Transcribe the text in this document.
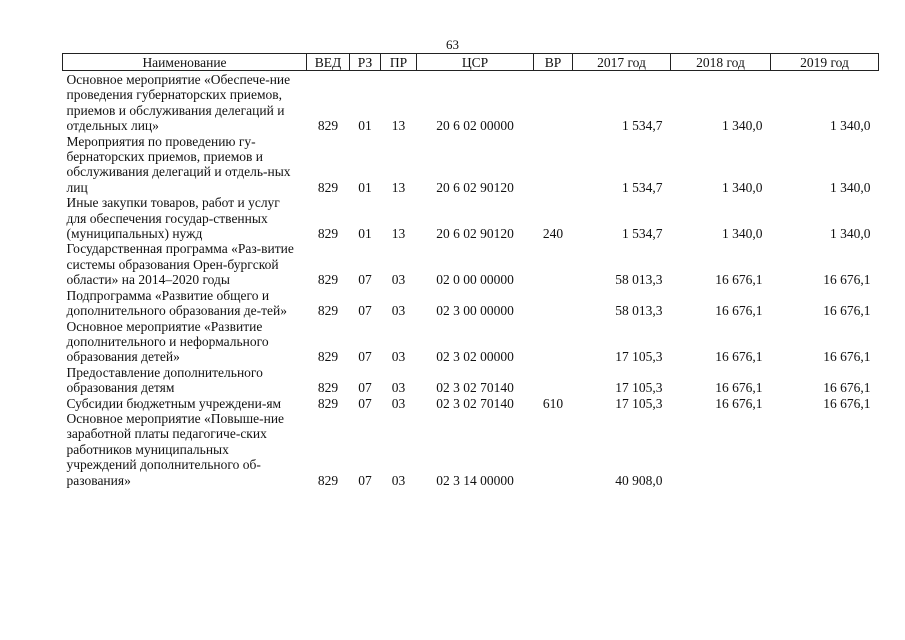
63
Наименование	ВЕД	РЗ	ПР	ЦСР	ВР	2017 год	2018 год	2019 год
Основное мероприятие «Обеспече-ние проведения губернаторских приемов, приемов и обслуживания делегаций и отдельных лиц»	829	01	13	20 6 02 00000		1 534,7	1 340,0	1 340,0
Мероприятия по проведению гу-бернаторских приемов, приемов и обслуживания делегаций и отдель-ных лиц	829	01	13	20 6 02 90120		1 534,7	1 340,0	1 340,0
Иные закупки товаров, работ и услуг для обеспечения государ-ственных (муниципальных) нужд	829	01	13	20 6 02 90120	240	1 534,7	1 340,0	1 340,0
Государственная программа «Раз-витие системы образования Орен-бургской области» на 2014–2020 годы	829	07	03	02 0 00 00000		58 013,3	16 676,1	16 676,1
Подпрограмма «Развитие общего и дополнительного образования де-тей»	829	07	03	02 3 00 00000		58 013,3	16 676,1	16 676,1
Основное мероприятие «Развитие дополнительного и неформального образования детей»	829	07	03	02 3 02 00000		17 105,3	16 676,1	16 676,1
Предоставление дополнительного образования детям	829	07	03	02 3 02 70140		17 105,3	16 676,1	16 676,1
Субсидии бюджетным учреждени-ям	829	07	03	02 3 02 70140	610	17 105,3	16 676,1	16 676,1
Основное мероприятие «Повыше-ние заработной платы педагогиче-ских работников муниципальных учреждений дополнительного об-разования»	829	07	03	02 3 14 00000		40 908,0		
